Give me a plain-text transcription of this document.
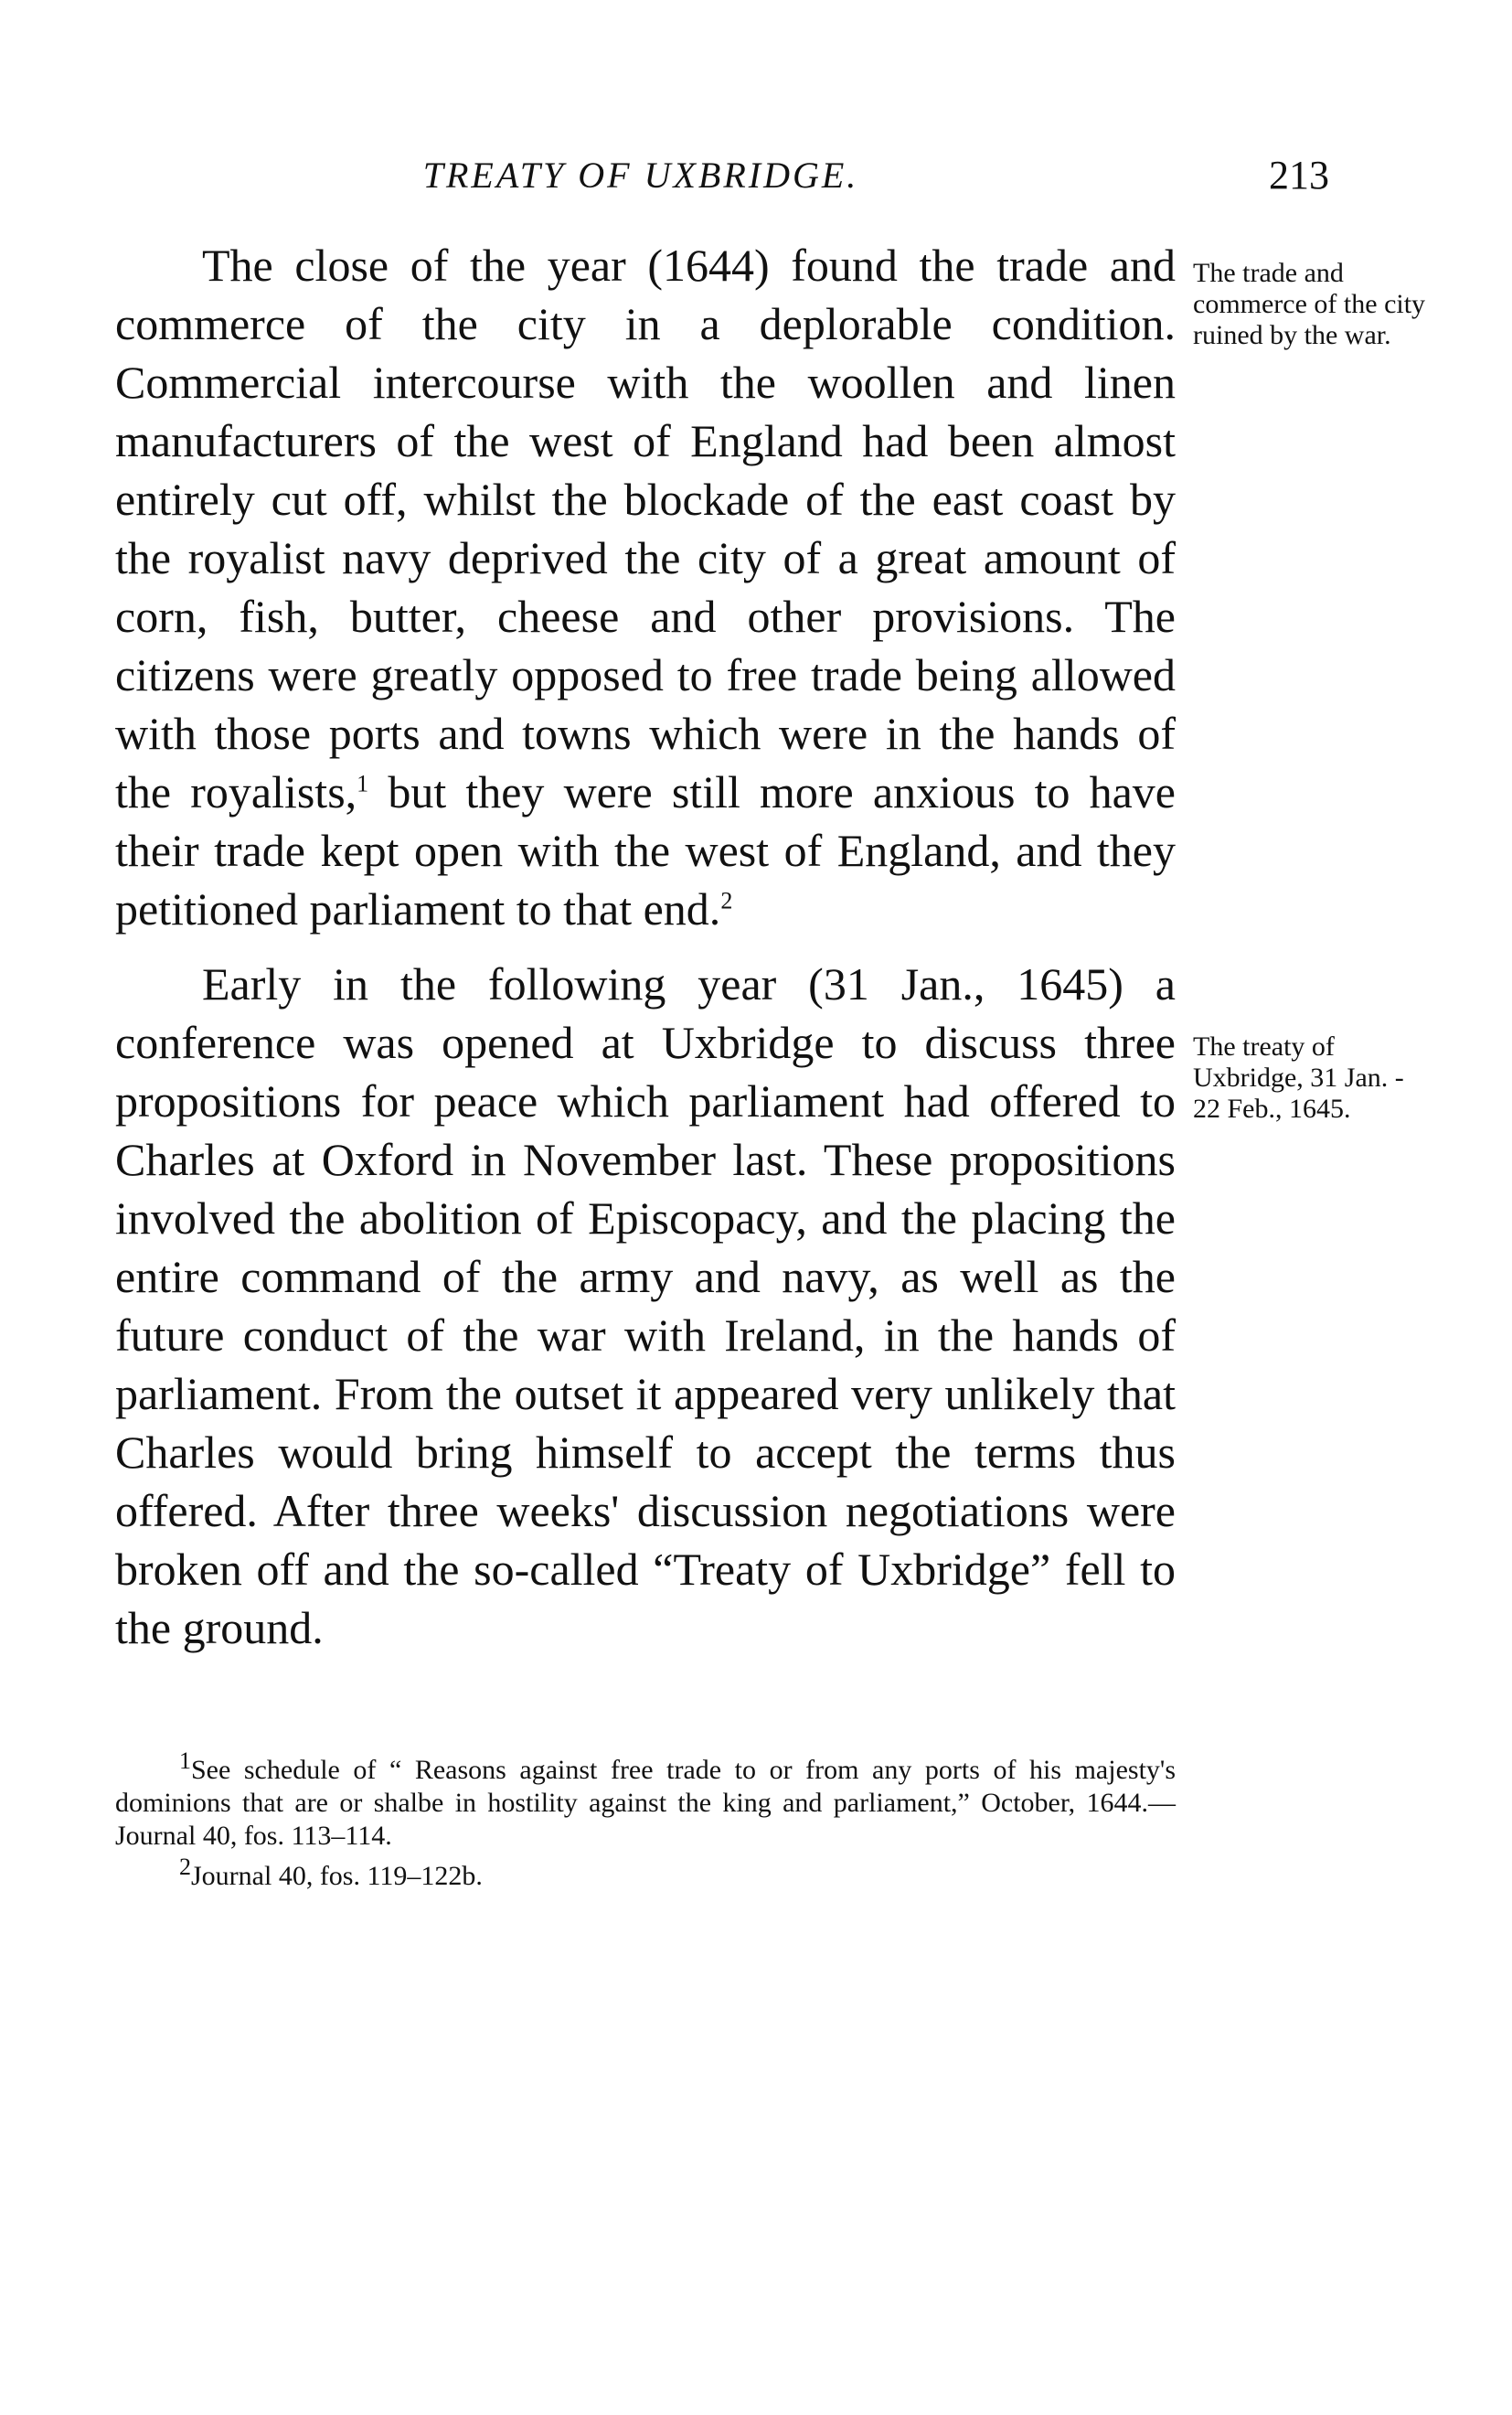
TREATY OF UXBRIDGE.	213

The close of the year (1644) found the trade and commerce of the city in a deplorable condition. Commercial intercourse with the woollen and linen manufacturers of the west of England had been almost entirely cut off, whilst the blockade of the east coast by the royalist navy deprived the city of a great amount of corn, fish, butter, cheese and other provisions. The citizens were greatly opposed to free trade being allowed with those ports and towns which were in the hands of the royalists,$^1$ but they were still more anxious to have their trade kept open with the west of England, and they petitioned parliament to that end.$^2$

Early in the following year (31 Jan., 1645) a conference was opened at Uxbridge to discuss three propositions for peace which parliament had offered to Charles at Oxford in November last. These propositions involved the abolition of Episcopacy, and the placing the entire command of the army and navy, as well as the future conduct of the war with Ireland, in the hands of parliament. From the outset it appeared very unlikely that Charles would bring himself to accept the terms thus offered. After three weeks' discussion negotiations were broken off and the so-called “Treaty of Uxbridge” fell to the ground.

The trade and commerce of the city ruined by the war.
The treaty of Uxbridge, 31 Jan. - 22 Feb., 1645.

$^1$See schedule of “ Reasons against free trade to or from any ports of his majesty's dominions that are or shalbe in hostility against the king and parliament,” October, 1644.—Journal 40, fos. 113–114.

$^2$Journal 40, fos. 119–122b.
